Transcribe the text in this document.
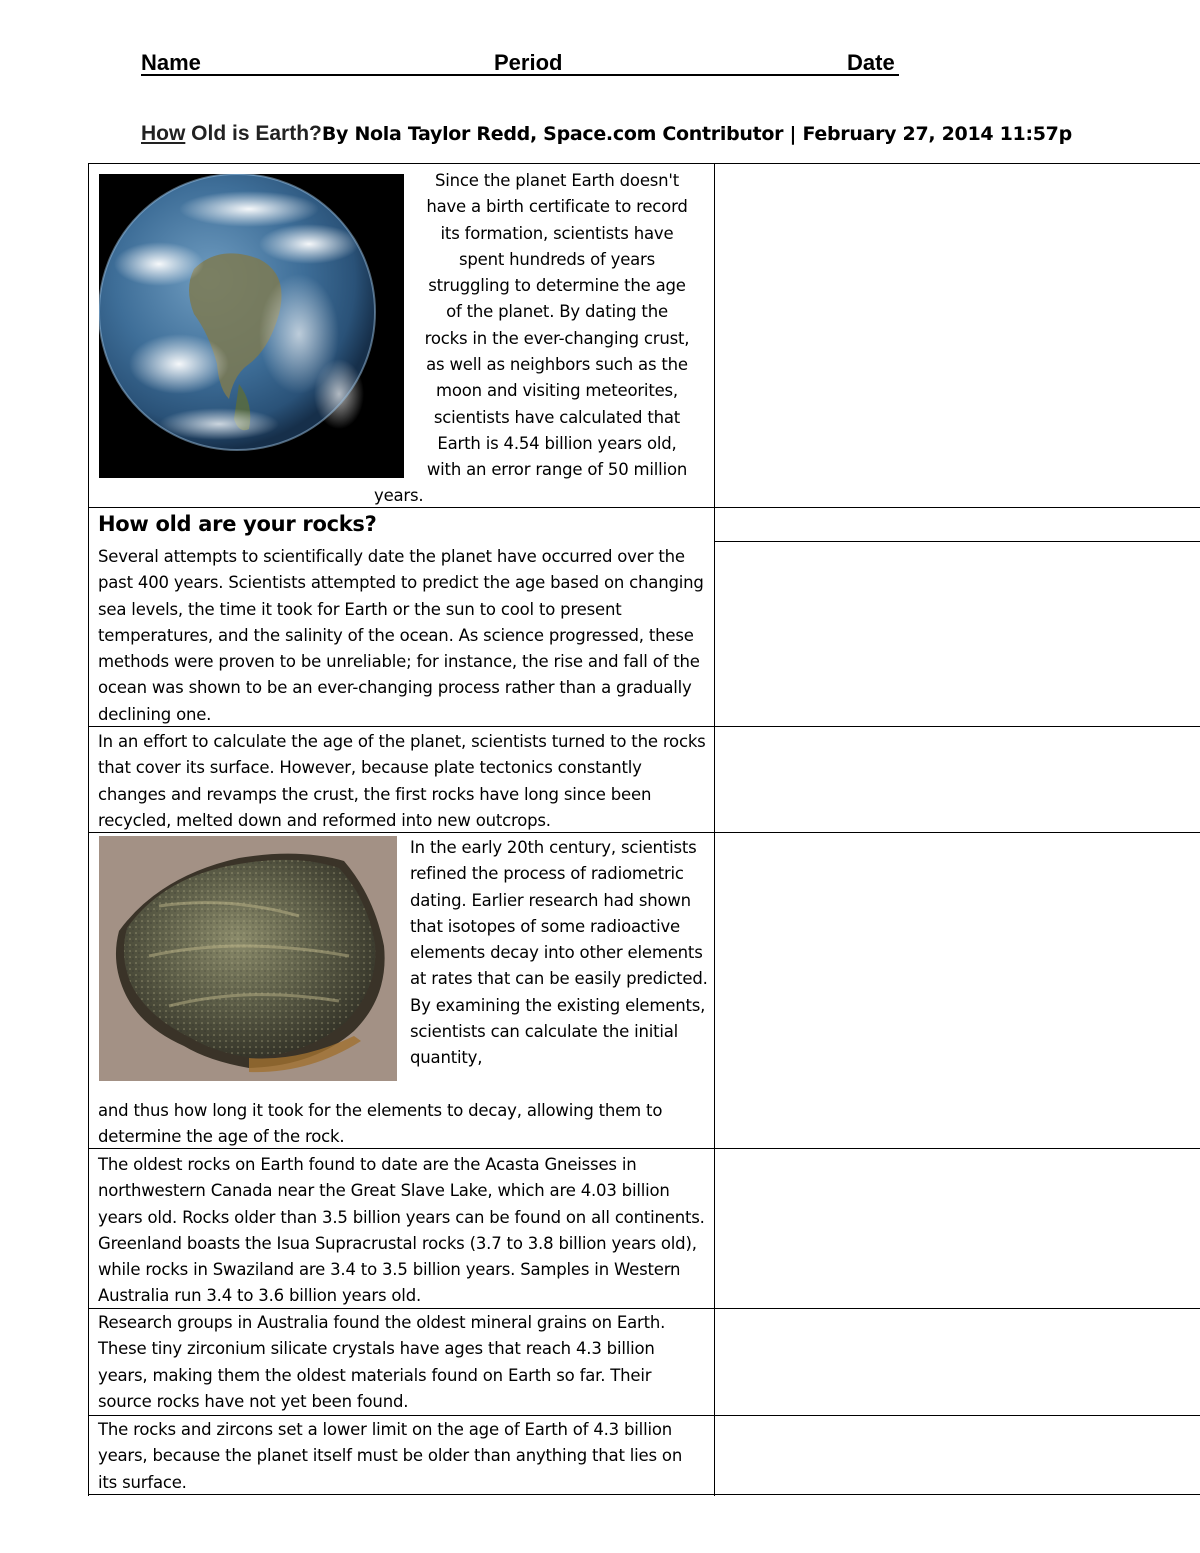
Name	Period	Date
How Old is Earth?By Nola Taylor Redd, Space.com Contributor | February 27, 2014 11:57p
Since the planet Earth doesn't
have a birth certificate to record
its formation, scientists have
spent hundreds of years
struggling to determine the age
of the planet. By dating the
rocks in the ever-changing crust,
as well as neighbors such as the
moon and visiting meteorites,
scientists have calculated that
Earth is 4.54 billion years old,
with an error range of 50 million
years.
How old are your rocks?
Several attempts to scientifically date the planet have occurred over the past 400 years. Scientists attempted to predict the age based on changing sea levels, the time it took for Earth or the sun to cool to present temperatures, and the salinity of the ocean. As science progressed, these methods were proven to be unreliable; for instance, the rise and fall of the ocean was shown to be an ever-changing process rather than a gradually declining one.
In an effort to calculate the age of the planet, scientists turned to the rocks that cover its surface. However, because plate tectonics constantly changes and revamps the crust, the first rocks have long since been recycled, melted down and reformed into new outcrops.
In the early 20th century, scientists refined the process of radiometric dating. Earlier research had shown that isotopes of some radioactive elements decay into other elements at rates that can be easily predicted. By examining the existing elements, scientists can calculate the initial quantity,
and thus how long it took for the elements to decay, allowing them to determine the age of the rock.
The oldest rocks on Earth found to date are the Acasta Gneisses in northwestern Canada near the Great Slave Lake, which are 4.03 billion years old. Rocks older than 3.5 billion years can be found on all continents. Greenland boasts the Isua Supracrustal rocks (3.7 to 3.8 billion years old), while rocks in Swaziland are 3.4 to 3.5 billion years. Samples in Western Australia run 3.4 to 3.6 billion years old.
Research groups in Australia found the oldest mineral grains on Earth. These tiny zirconium silicate crystals have ages that reach 4.3 billion years, making them the oldest materials found on Earth so far. Their source rocks have not yet been found.
The rocks and zircons set a lower limit on the age of Earth of 4.3 billion years, because the planet itself must be older than anything that lies on its surface.
